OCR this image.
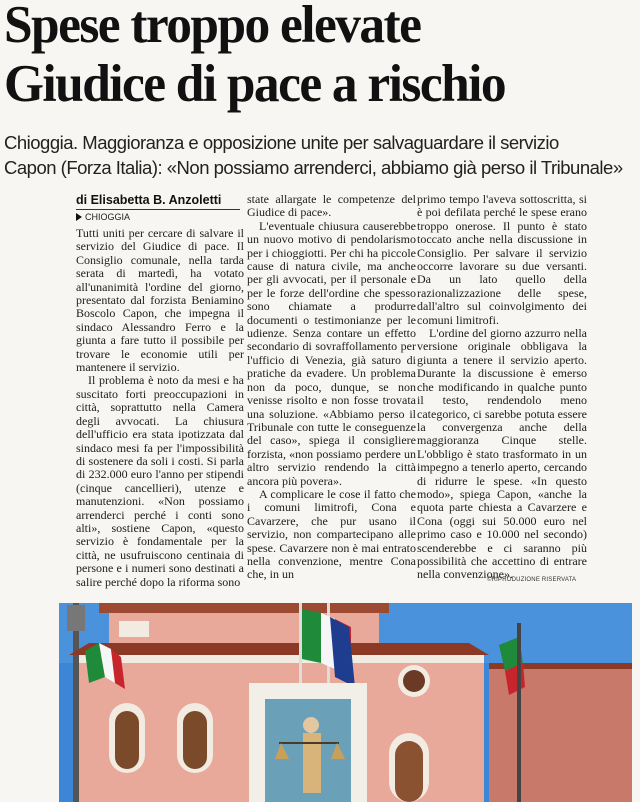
Spese troppo elevate
Giudice di pace a rischio
Chioggia. Maggioranza e opposizione unite per salvaguardare il servizio
Capon (Forza Italia): «Non possiamo arrenderci, abbiamo già perso il Tribunale»
di Elisabetta B. Anzoletti
CHIOGGIA

Tutti uniti per cercare di salvare il servizio del Giudice di pace. Il Consiglio comunale, nella tarda serata di martedì, ha votato all'unanimità l'ordine del giorno, presentato dal forzista Beniamino Boscolo Capon, che impegna il sindaco Alessandro Ferro e la giunta a fare tutto il possibile per trovare le economie utili per mantenere il servizio.

Il problema è noto da mesi e ha suscitato forti preoccupazioni in città, soprattutto nella Camera degli avvocati. La chiusura dell'ufficio era stata ipotizzata dal sindaco mesi fa per l'impossibilità di sostenere da soli i costi. Si parla di 232.000 euro l'anno per stipendi (cinque cancellieri), utenze e manutenzioni. «Non possiamo arrenderci perché i conti sono alti», sostiene Capon, «questo servizio è fondamentale per la città, ne usufruiscono centinaia di persone e i numeri sono destinati a salire perché dopo la riforma sono

state allargate le competenze del Giudice di pace».

L'eventuale chiusura causerebbe un nuovo motivo di pendolarismo per i chioggiotti. Per chi ha piccole cause di natura civile, ma anche per gli avvocati, per il personale e per le forze dell'ordine che spesso sono chiamate a produrre documenti o testimonianze per le udienze. Senza contare un effetto secondario di sovraffollamento per l'ufficio di Venezia, già saturo di pratiche da evadere. Un problema non da poco, dunque, se non venisse risolto e non fosse trovata una soluzione. «Abbiamo perso il Tribunale con tutte le conseguenze del caso», spiega il consigliere forzista, «non possiamo perdere un altro servizio rendendo la città ancora più povera».

A complicare le cose il fatto che i comuni limitrofi, Cona e Cavarzere, che pur usano il servizio, non compartecipano alle spese. Cavarzere non è mai entrato nella convenzione, mentre Cona che, in un

primo tempo l'aveva sottoscritta, si è poi defilata perché le spese erano troppo onerose. Il punto è stato toccato anche nella discussione in Consiglio. Per salvare il servizio occorre lavorare su due versanti. Da un lato quello della razionalizzazione delle spese, dall'altro sul coinvolgimento dei comuni limitrofi.

L'ordine del giorno azzurro nella versione originale obbligava la giunta a tenere il servizio aperto. Durante la discussione è emerso che modificando in qualche punto il testo, rendendolo meno categorico, ci sarebbe potuta essere la convergenza anche della maggioranza Cinque stelle. L'obbligo è stato trasformato in un impegno a tenerlo aperto, cercando di ridurre le spese. «In questo modo», spiega Capon, «anche la quota parte chiesta a Cavarzere e Cona (oggi sui 50.000 euro nel primo caso e 10.000 nel secondo) scenderebbe e ci saranno più possibilità che accettino di entrare nella convenzione».

©RIPRODUZIONE RISERVATA
